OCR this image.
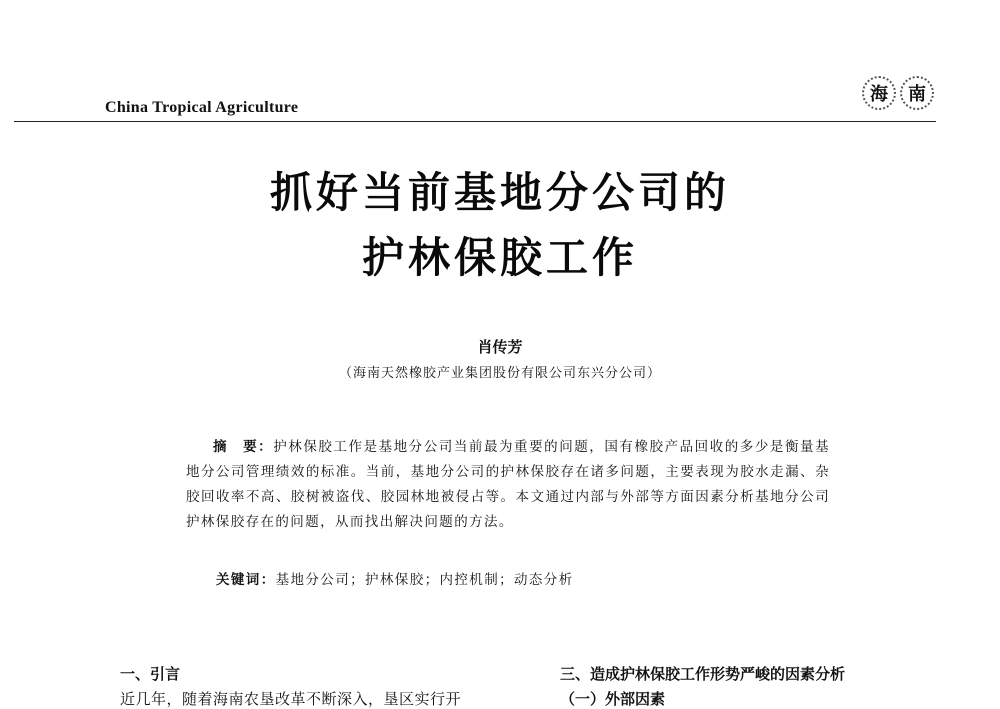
China Tropical Agriculture
海	南
抓好当前基地分公司的
护林保胶工作
肖传芳
（海南天然橡胶产业集团股份有限公司东兴分公司）
摘　要：护林保胶工作是基地分公司当前最为重要的问题，国有橡胶产品回收的多少是衡量基地分公司管理绩效的标准。当前，基地分公司的护林保胶存在诸多问题，主要表现为胶水走漏、杂胶回收率不高、胶树被盗伐、胶园林地被侵占等。本文通过内部与外部等方面因素分析基地分公司护林保胶存在的问题，从而找出解决问题的方法。
关键词：基地分公司；护林保胶；内控机制；动态分析
一、引言
近几年，随着海南农垦改革不断深入，垦区实行开
三、造成护林保胶工作形势严峻的因素分析
（一）外部因素
